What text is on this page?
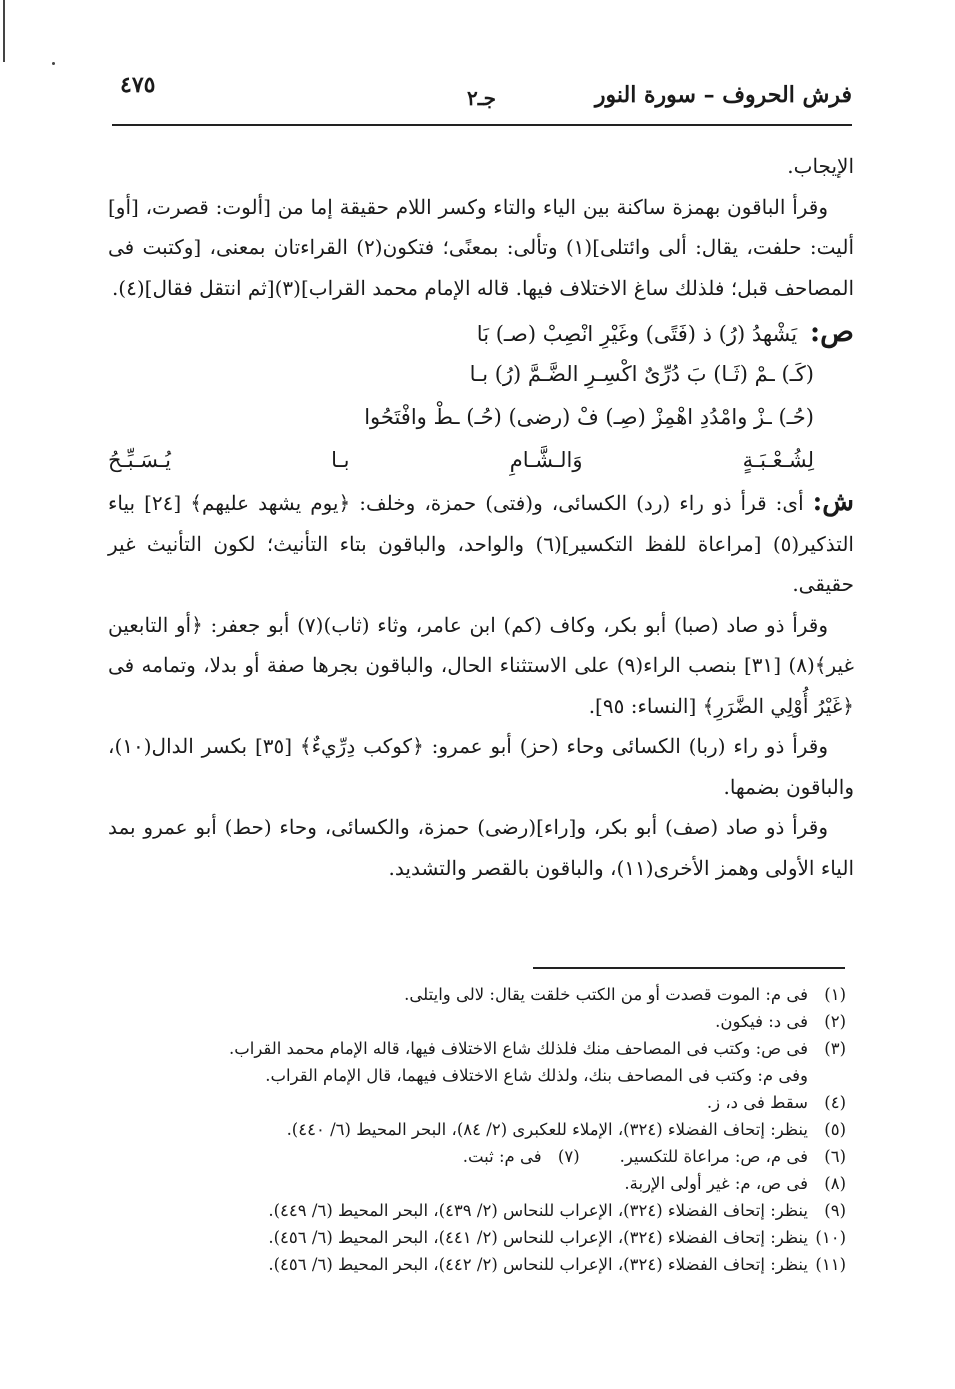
فرش الحروف – سورة النور
جـ٢
٤٧٥

الإيجاب.

وقرأ الباقون بهمزة ساكنة بين الياء والتاء وكسر اللام حقيقة إما من [ألوت: قصرت، [أو] أليت: حلفت، يقال: ألى وائتلى](١) وتألى: بمعنًى؛ فتكون(٢) القراءتان بمعنى، [وكتبت فى المصاحف قبل؛ فلذلك ساغ الاختلاف فيها. قاله الإمام محمد القراب](٣)[ثم انتقل فقال](٤).

ص: يَشْهدُ (رُ) ذ (فَتًى) وغَيْرِ انْصِبْ (صـ) بَا
(كَـ) ـمْ (ثَـا) بَ دُرِّىٌ اكْسِـرِ الضَّـمَّ (رُ) بـا
(حُـ) ـزْ وامْدُدِ اهْمِزْ (صِـ) فْ (رضى) (حُـ) ـطْ وافْتَحُوا
لِشُـعْـبَـةٍ
وَالـشَّـامِ
بـا
يُـسَـبِّـحُ

ش: أى: قرأ ذو راء (رد) الكسائى، و(فتى) حمزة، وخلف: ﴿يوم يشهد عليهم﴾ [٢٤] بياء التذكير(٥) [مراعاة للفظ التكسير](٦) والواحد، والباقون بتاء التأنيث؛ لكون التأنيث غير حقيقى.

وقرأ ذو صاد (صبا) أبو بكر، وكاف (كم) ابن عامر، وثاء (ثاب)(٧) أبو جعفر: ﴿أو التابعين غير﴾(٨) [٣١] بنصب الراء(٩) على الاستثناء الحال، والباقون بجرها صفة أو بدلا، وتمامه فى ﴿غَيْرُ أُوْلِي الضَّرَرِ﴾ [النساء: ٩٥].

وقرأ ذو راء (ربا) الكسائى وحاء (حز) أبو عمرو: ﴿كوكب دِرِّيءٌ﴾ [٣٥] بكسر الدال(١٠)، والباقون بضمها.

وقرأ ذو صاد (صف) أبو بكر، و[راء](رضى) حمزة، والكسائى، وحاء (حط) أبو عمرو بمد الياء الأولى وهمز الأخرى(١١)، والباقون بالقصر والتشديد.

(١)
فى م: الموت قصدت أو من الكتب خلقت يقال: لالى وايتلى.
(٢)
فى د: فيكون.
(٣)
فى ص: وكتب فى المصاحف منك فلذلك شاع الاختلاف فيها، قاله الإمام محمد القراب.
وفى م: وكتب فى المصاحف بنك، ولذلك شاع الاختلاف فيهما، قال الإمام القراب.
(٤)
سقط فى د، ز.
(٥)
ينظر: إتحاف الفضلاء (٣٢٤)، الإملاء للعكبرى (٢/ ٨٤)، البحر المحيط (٦/ ٤٤٠).
(٦)
فى م، ص: مراعاة للتكسير.
(٧)
فى م: ثبت.
(٨)
فى ص، م: غير أولى الإربة.
(٩)
ينظر: إتحاف الفضلاء (٣٢٤)، الإعراب للنحاس (٢/ ٤٣٩)، البحر المحيط (٦/ ٤٤٩).
(١٠)
ينظر: إتحاف الفضلاء (٣٢٤)، الإعراب للنحاس (٢/ ٤٤١)، البحر المحيط (٦/ ٤٥٦).
(١١)
ينظر: إتحاف الفضلاء (٣٢٤)، الإعراب للنحاس (٢/ ٤٤٢)، البحر المحيط (٦/ ٤٥٦).
